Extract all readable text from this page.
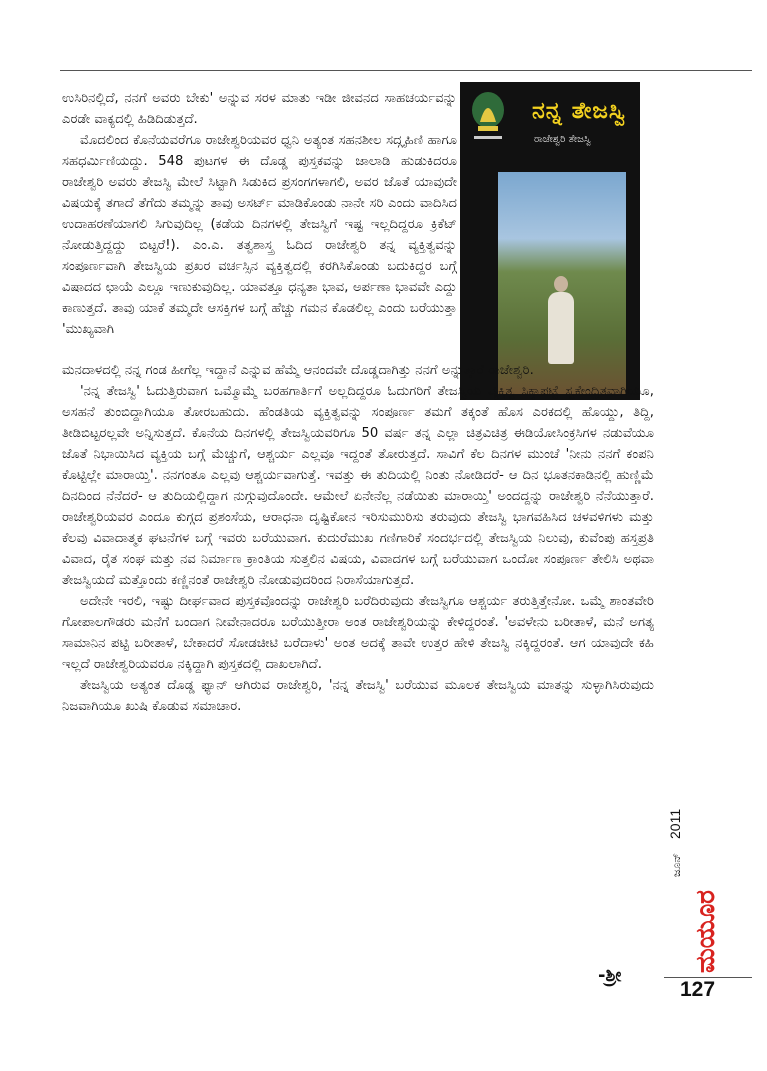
ಉಸಿರಿನಲ್ಲಿದೆ, ನನಗೆ ಅವರು ಬೇಕು' ಅನ್ನುವ ಸರಳ ಮಾತು ಇಡೀ ಜೀವನದ ಸಾಹಚರ್ಯವನ್ನು ಎರಡೇ ವಾಕ್ಯದಲ್ಲಿ ಹಿಡಿದಿಡುತ್ತದೆ.

ಮೊದಲಿಂದ ಕೊನೆಯವರೆಗೂ ರಾಜೇಶ್ವರಿಯವರ ಧ್ವನಿ ಅತ್ಯಂತ ಸಹನಶೀಲ ಸದ್ಗೃಹಿಣಿ ಹಾಗೂ ಸಹಧರ್ಮಿಣಿಯದ್ದು. 548 ಪುಟಗಳ ಈ ದೊಡ್ಡ ಪುಸ್ತಕವನ್ನು ಜಾಲಾಡಿ ಹುಡುಕಿದರೂ ರಾಜೇಶ್ವರಿ ಅವರು ತೇಜಸ್ವಿ ಮೇಲೆ ಸಿಟ್ಟಾಗಿ ಸಿಡುಕಿದ ಪ್ರಸಂಗಗಳಾಗಲಿ, ಅವರ ಜೊತೆ ಯಾವುದೇ ವಿಷಯಕ್ಕೆ ತಗಾದೆ ತೆಗೆದು ತಮ್ಮನ್ನು ತಾವು ಅಸರ್ಟ್ ಮಾಡಿಕೊಂಡು ನಾನೇ ಸರಿ ಎಂದು ವಾದಿಸಿದ ಉದಾಹರಣೆಯಾಗಲಿ ಸಿಗುವುದಿಲ್ಲ (ಕಡೆಯ ದಿನಗಳಲ್ಲಿ ತೇಜಸ್ವಿಗೆ ಇಷ್ಟ ಇಲ್ಲದಿದ್ದರೂ ಕ್ರಿಕೆಟ್ ನೋಡುತ್ತಿದ್ದದ್ದು ಬಿಟ್ಟರೆ!). ಎಂ.ಎ. ತತ್ವಶಾಸ್ತ್ರ ಓದಿದ ರಾಜೇಶ್ವರಿ ತನ್ನ ವ್ಯಕ್ತಿತ್ವವನ್ನು ಸಂಪೂರ್ಣವಾಗಿ ತೇಜಸ್ವಿಯ ಪ್ರಖರ ವರ್ಚಸ್ಸಿನ ವ್ಯಕ್ತಿತ್ವದಲ್ಲಿ ಕರಗಿಸಿಕೊಂಡು ಬದುಕಿದ್ದರ ಬಗ್ಗೆ ವಿಷಾದದ ಛಾಯೆ ಎಲ್ಲೂ ಇಣುಕುವುದಿಲ್ಲ. ಯಾವತ್ತೂ ಧನ್ಯತಾ ಭಾವ, ಅರ್ಪಣಾ ಭಾವವೇ ಎದ್ದು ಕಾಣುತ್ತದೆ. ತಾವು ಯಾಕೆ ತಮ್ಮದೇ ಆಸಕ್ತಿಗಳ ಬಗ್ಗೆ ಹೆಚ್ಚು ಗಮನ ಕೊಡಲಿಲ್ಲ ಎಂದು ಬರೆಯುತ್ತಾ 'ಮುಖ್ಯವಾಗಿ

ನನ್ನ ತೇಜಸ್ವಿ
ರಾಜೇಶ್ವರಿ ತೇಜಸ್ವಿ

ಮನದಾಳದಲ್ಲಿ ನನ್ನ ಗಂಡ ಹೀಗೆಲ್ಲ ಇದ್ದಾನೆ ಎನ್ನುವ ಹೆಮ್ಮೆ ಆನಂದವೇ ದೊಡ್ಡದಾಗಿತ್ತು ನನಗೆ ಅನ್ನುತ್ತಾರೆ ರಾಜೇಶ್ವರಿ.

'ನನ್ನ ತೇಜಸ್ವಿ' ಓದುತ್ತಿರುವಾಗ ಒಮ್ಮೊಮ್ಮೆ ಬರಹಗಾರ್ತಿಗೆ ಅಲ್ಲದಿದ್ದರೂ ಓದುಗರಿಗೆ ತೇಜಸ್ವಿಯ ವ್ಯಕ್ತಿತ್ವ ಸಿಕ್ಕಾಪಟ್ಟೆ ಸ್ವಕೇಂದ್ರಿತವಾಗಿಯೂ, ಅಸಹನೆ ತುಂಬಿದ್ದಾಗಿಯೂ ತೋರಬಹುದು. ಹೆಂಡತಿಯ ವ್ಯಕ್ತಿತ್ವವನ್ನು ಸಂಪೂರ್ಣ ತಮಗೆ ತಕ್ಕಂತೆ ಹೊಸ ಎರಕದಲ್ಲಿ ಹೊಯ್ದು, ತಿದ್ದಿ, ತೀಡಿಬಿಟ್ಟರಲ್ಲವೇ ಅನ್ನಿಸುತ್ತದೆ. ಕೊನೆಯ ದಿನಗಳಲ್ಲಿ ತೇಜಸ್ವಿಯವರಿಗೂ 50 ವರ್ಷ ತನ್ನ ಎಲ್ಲಾ ಚಿತ್ರವಿಚಿತ್ರ ಈಡಿಯೋಸಿಂಕ್ರಸಿಗಳ ನಡುವೆಯೂ ಜೊತೆ ನಿಭಾಯಿಸಿದ ವ್ಯಕ್ತಿಯ ಬಗ್ಗೆ ಮೆಚ್ಚುಗೆ, ಆಶ್ಚರ್ಯ ಎಲ್ಲವೂ ಇದ್ದಂತೆ ತೋರುತ್ತದೆ. ಸಾವಿಗೆ ಕೆಲ ದಿನಗಳ ಮುಂಚೆ 'ನೀನು ನನಗೆ ಕಂಪನಿ ಕೊಟ್ಟಿಲ್ಲೇ ಮಾರಾಯ್ತಿ'. ನನಗಂತೂ ಎಲ್ಲವು ಆಶ್ಚರ್ಯವಾಗುತ್ತೆ. ಇವತ್ತು ಈ ತುದಿಯಲ್ಲಿ ನಿಂತು ನೋಡಿದರೆ- ಆ ದಿನ ಭೂತನಕಾಡಿನಲ್ಲಿ ಹುಣ್ಣಿಮೆ ದಿನದಿಂದ ನೆನೆದರೆ- ಆ ತುದಿಯಲ್ಲಿದ್ದಾಗ ನುಗ್ಗುವುದೊಂದೇ. ಆಮೇಲೆ ಏನೇನೆಲ್ಲ ನಡೆಯಿತು ಮಾರಾಯ್ತಿ' ಅಂದದ್ದನ್ನು ರಾಜೇಶ್ವರಿ ನೆನೆಯುತ್ತಾರೆ. ರಾಜೇಶ್ವರಿಯವರ ಎಂದೂ ಕುಗ್ಗದ ಪ್ರಶಂಸೆಯ, ಆರಾಧನಾ ದೃಷ್ಟಿಕೋನ ಇರಿಸುಮುರಿಸು ತರುವುದು ತೇಜಸ್ವಿ ಭಾಗವಹಿಸಿದ ಚಳವಳಿಗಳು ಮತ್ತು ಕೆಲವು ವಿವಾದಾತ್ಮಕ ಘಟನೆಗಳ ಬಗ್ಗೆ ಇವರು ಬರೆಯುವಾಗ. ಕುದುರೆಮುಖ ಗಣಿಗಾರಿಕೆ ಸಂದರ್ಭದಲ್ಲಿ ತೇಜಸ್ವಿಯ ನಿಲುವು, ಕುವೆಂಪು ಹಸ್ತಪ್ರತಿ ವಿವಾದ, ರೈತ ಸಂಘ ಮತ್ತು ನವ ನಿರ್ಮಾಣ ಕ್ರಾಂತಿಯ ಸುತ್ತಲಿನ ವಿಷಯ, ವಿವಾದಗಳ ಬಗ್ಗೆ ಬರೆಯುವಾಗ ಒಂದೋ ಸಂಪೂರ್ಣ ತೇಲಿಸಿ ಅಥವಾ ತೇಜಸ್ವಿಯದೆ ಮತ್ತೊಂದು ಕಣ್ಣಿನಂತೆ ರಾಜೇಶ್ವರಿ ನೋಡುವುದರಿಂದ ನಿರಾಸೆಯಾಗುತ್ತದೆ.

ಅದೇನೇ ಇರಲಿ, ಇಷ್ಟು ದೀರ್ಘವಾದ ಪುಸ್ತಕವೊಂದನ್ನು ರಾಜೇಶ್ವರಿ ಬರೆದಿರುವುದು ತೇಜಸ್ವಿಗೂ ಆಶ್ಚರ್ಯ ತರುತ್ತಿತ್ತೇನೋ. ಒಮ್ಮೆ ಶಾಂತವೇರಿ ಗೋಪಾಲಗೌಡರು ಮನೆಗೆ ಬಂದಾಗ ನೀವೇನಾದರೂ ಬರೆಯುತ್ತೀರಾ ಅಂತ ರಾಜೇಶ್ವರಿಯನ್ನು ಕೇಳಿದ್ದರಂತೆ. 'ಅವಳೇನು ಬರೀತಾಳೆ, ಮನೆ ಅಗತ್ಯ ಸಾಮಾನಿನ ಪಟ್ಟಿ ಬರೀತಾಳೆ, ಬೇಕಾದರೆ ಸೋಡಚೀಟಿ ಬರೆದಾಳು' ಅಂತ ಅದಕ್ಕೆ ತಾವೇ ಉತ್ತರ ಹೇಳಿ ತೇಜಸ್ವಿ ನಕ್ಕಿದ್ದರಂತೆ. ಆಗ ಯಾವುದೇ ಕಹಿ ಇಲ್ಲದೆ ರಾಜೇಶ್ವರಿಯವರೂ ನಕ್ಕಿದ್ದಾಗಿ ಪುಸ್ತಕದಲ್ಲಿ ದಾಖಲಾಗಿದೆ.

ತೇಜಸ್ವಿಯ ಅತ್ಯಂತ ದೊಡ್ಡ ಫ್ಯಾನ್ ಆಗಿರುವ ರಾಜೇಶ್ವರಿ, 'ನನ್ನ ತೇಜಸ್ವಿ' ಬರೆಯುವ ಮೂಲಕ ತೇಜಸ್ವಿಯ ಮಾತನ್ನು ಸುಳ್ಳಾಗಿಸಿರುವುದು ನಿಜವಾಗಿಯೂ ಖುಷಿ ಕೊಡುವ ಸಮಾಚಾರ.

-ಶ್ರೀ
2011
ಜೂನ್
ಮಯೂರ
127
